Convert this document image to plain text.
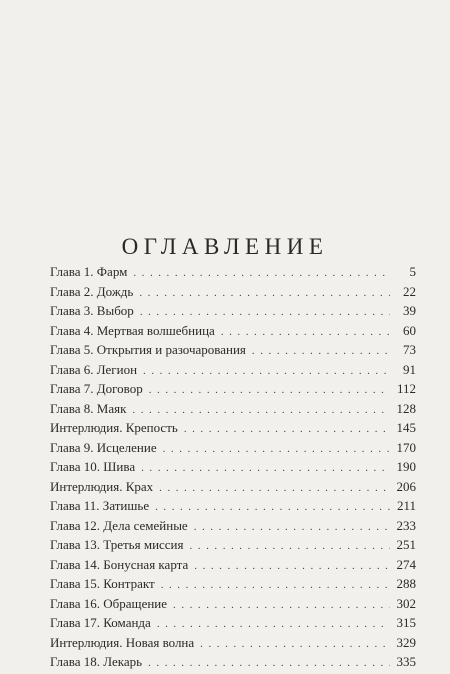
ОГЛАВЛЕНИЕ
Глава 1. Фарм . . .	5
Глава 2. Дождь . . .	22
Глава 3. Выбор . . .	39
Глава 4. Мертвая волшебница . . .	60
Глава 5. Открытия и разочарования . . .	73
Глава 6. Легион . . .	91
Глава 7. Договор . . .	112
Глава 8. Маяк . . .	128
Интерлюдия. Крепость . . .	145
Глава 9. Исцеление . . .	170
Глава 10. Шива . . .	190
Интерлюдия. Крах . . .	206
Глава 11. Затишье . . .	211
Глава 12. Дела семейные . . .	233
Глава 13. Третья миссия . . .	251
Глава 14. Бонусная карта . . .	274
Глава 15. Контракт . . .	288
Глава 16. Обращение . . .	302
Глава 17. Команда . . .	315
Интерлюдия. Новая волна . . .	329
Глава 18. Лекарь . . .	335
